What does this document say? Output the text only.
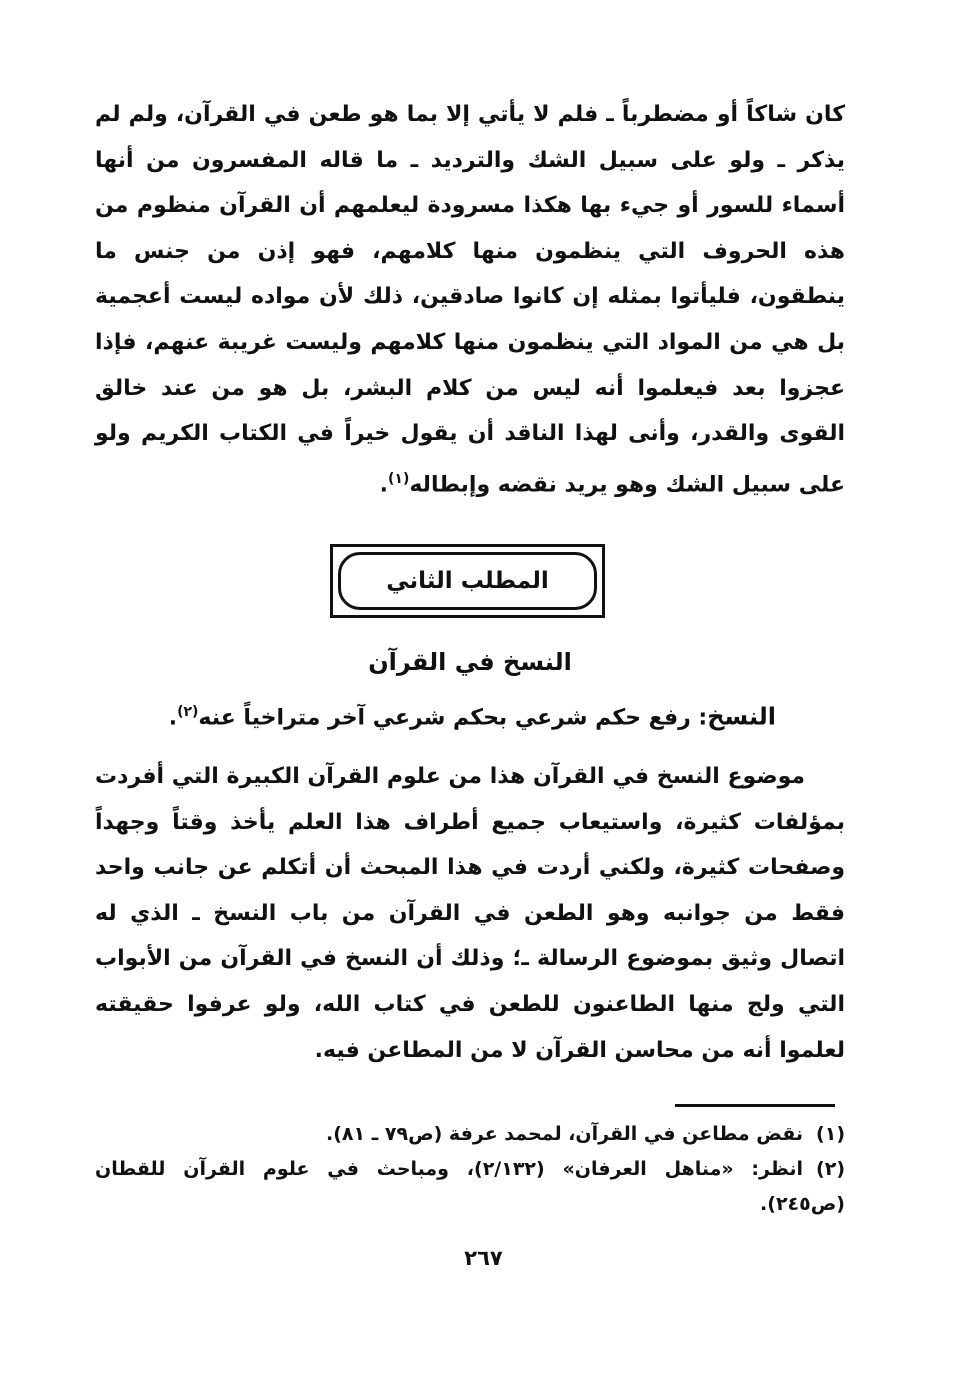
كان شاكاً أو مضطرباً ـ فلم لا يأتي إلا بما هو طعن في القرآن، ولم لم يذكر ـ ولو على سبيل الشك والترديد ـ ما قاله المفسرون من أنها أسماء للسور أو جيء بها هكذا مسرودة ليعلمهم أن القرآن منظوم من هذه الحروف التي ينظمون منها كلامهم، فهو إذن من جنس ما ينطقون، فليأتوا بمثله إن كانوا صادقين، ذلك لأن مواده ليست أعجمية بل هي من المواد التي ينظمون منها كلامهم وليست غريبة عنهم، فإذا عجزوا بعد فيعلموا أنه ليس من كلام البشر، بل هو من عند خالق القوى والقدر، وأنى لهذا الناقد أن يقول خيراً في الكتاب الكريم ولو على سبيل الشك وهو يريد نقضه وإبطاله$^{(١)}$.

المطلب الثاني
النسخ في القرآن
النسخ: رفع حكم شرعي بحكم شرعي آخر متراخياً عنه$^{(٢)}$.

موضوع النسخ في القرآن هذا من علوم القرآن الكبيرة التي أفردت بمؤلفات كثيرة، واستيعاب جميع أطراف هذا العلم يأخذ وقتاً وجهداً وصفحات كثيرة، ولكني أردت في هذا المبحث أن أتكلم عن جانب واحد فقط من جوانبه وهو الطعن في القرآن من باب النسخ ـ الذي له اتصال وثيق بموضوع الرسالة ـ؛ وذلك أن النسخ في القرآن من الأبواب التي ولج منها الطاعنون للطعن في كتاب الله، ولو عرفوا حقيقته لعلموا أنه من محاسن القرآن لا من المطاعن فيه.

(١)نقض مطاعن في القرآن، لمحمد عرفة (ص٧٩ ـ ٨١).
(٢)انظر: «مناهل العرفان» (٢/١٣٢)، ومباحث في علوم القرآن للقطان (ص٢٤٥).
٢٦٧
